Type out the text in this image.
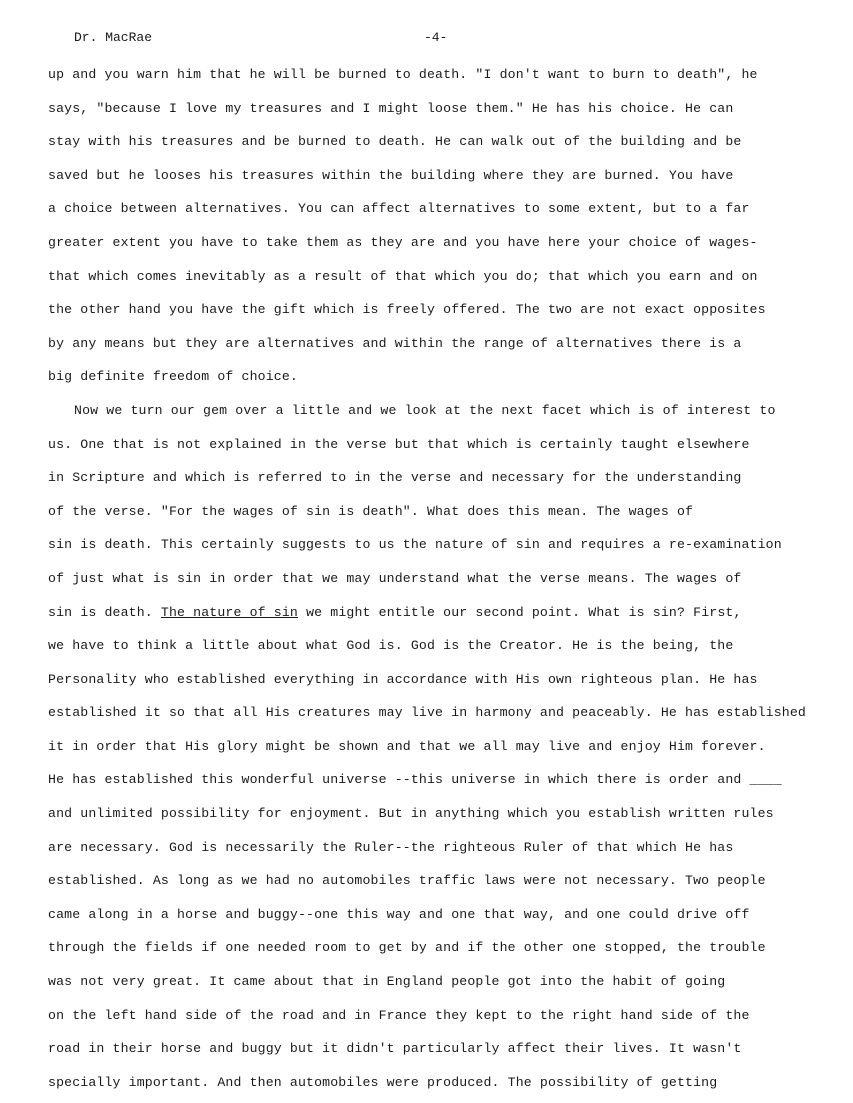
Dr. MacRae	-4-
up and you warn him that he will be burned to death. "I don't want to burn to death", he
says, "because I love my treasures and I might loose them." He has his choice. He can
stay with his treasures and be burned to death. He can walk out of the building and be
saved but he looses his treasures within the building where they are burned. You have
a choice between alternatives. You can affect alternatives to some extent, but to a far
greater extent you have to take them as they are and you have here your choice of wages-
that which comes inevitably as a result of that which you do; that which you earn and on
the other hand you have the gift which is freely offered. The two are not exact opposites
by any means but they are alternatives and within the range of alternatives there is a
big definite freedom of choice.
Now we turn our gem over a little and we look at the next facet which is of interest to
us. One that is not explained in the verse but that which is certainly taught elsewhere
in Scripture and which is referred to in the verse and necessary for the understanding
of the verse. "For the wages of sin is death". What does this mean. The wages of
sin is death. This certainly suggests to us the nature of sin and requires a re-examination
of just what is sin in order that we may understand what the verse means. The wages of
sin is death. The nature of sin we might entitle our second point. What is sin? First,
we have to think a little about what God is. God is the Creator. He is the being, the
Personality who established everything in accordance with His own righteous plan. He has
established it so that all His creatures may live in harmony and peaceably. He has established
it in order that His glory might be shown and that we all may live and enjoy Him forever.
He has established this wonderful universe --this universe in which there is order and ____
and unlimited possibility for enjoyment. But in anything which you establish written rules
are necessary. God is necessarily the Ruler--the righteous Ruler of that which He has
established. As long as we had no automobiles traffic laws were not necessary. Two people
came along in a horse and buggy--one this way and one that way, and one could drive off
through the fields if one needed room to get by and if the other one stopped, the trouble
was not very great. It came about that in England people got into the habit of going
on the left hand side of the road and in France they kept to the right hand side of the
road in their horse and buggy but it didn't particularly affect their lives. It wasn't
specially important. And then automobiles were produced. The possibility of getting
